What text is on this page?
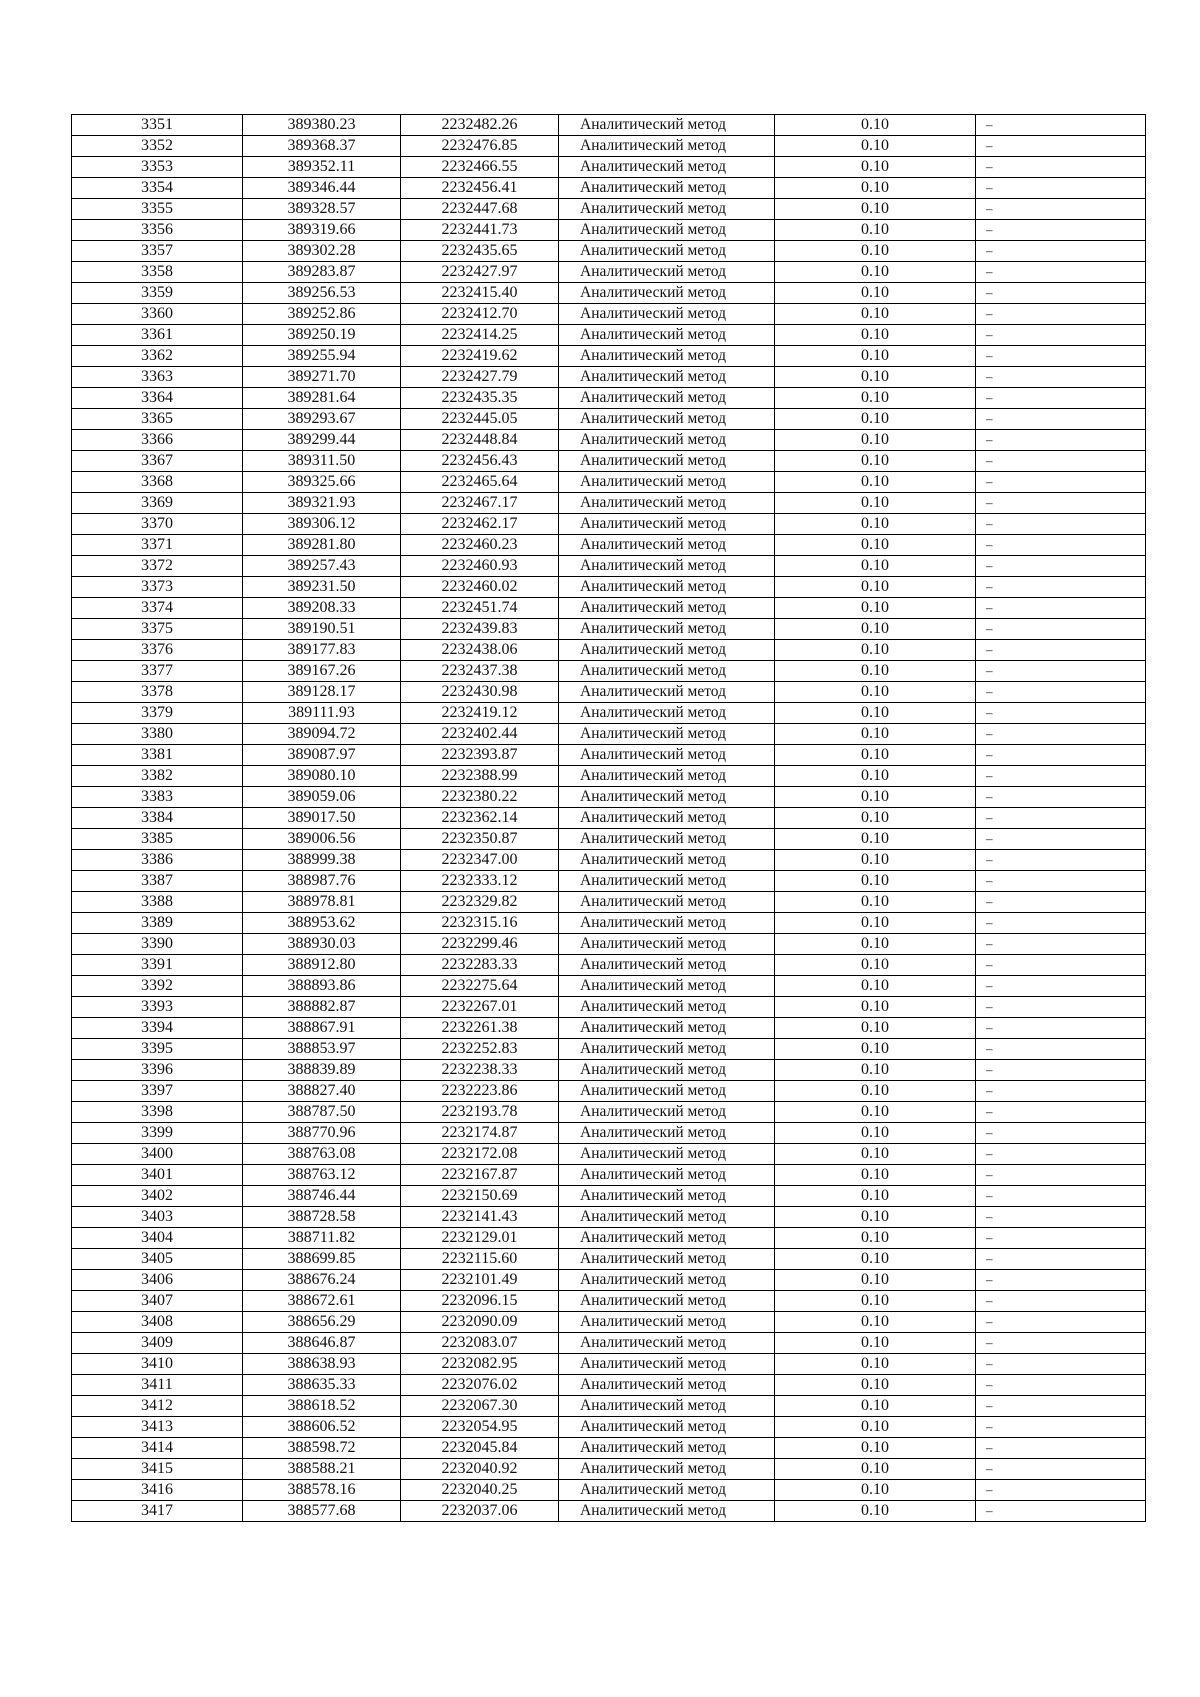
3351	389380.23	2232482.26	Аналитический метод	0.10	–
3352	389368.37	2232476.85	Аналитический метод	0.10	–
3353	389352.11	2232466.55	Аналитический метод	0.10	–
3354	389346.44	2232456.41	Аналитический метод	0.10	–
3355	389328.57	2232447.68	Аналитический метод	0.10	–
3356	389319.66	2232441.73	Аналитический метод	0.10	–
3357	389302.28	2232435.65	Аналитический метод	0.10	–
3358	389283.87	2232427.97	Аналитический метод	0.10	–
3359	389256.53	2232415.40	Аналитический метод	0.10	–
3360	389252.86	2232412.70	Аналитический метод	0.10	–
3361	389250.19	2232414.25	Аналитический метод	0.10	–
3362	389255.94	2232419.62	Аналитический метод	0.10	–
3363	389271.70	2232427.79	Аналитический метод	0.10	–
3364	389281.64	2232435.35	Аналитический метод	0.10	–
3365	389293.67	2232445.05	Аналитический метод	0.10	–
3366	389299.44	2232448.84	Аналитический метод	0.10	–
3367	389311.50	2232456.43	Аналитический метод	0.10	–
3368	389325.66	2232465.64	Аналитический метод	0.10	–
3369	389321.93	2232467.17	Аналитический метод	0.10	–
3370	389306.12	2232462.17	Аналитический метод	0.10	–
3371	389281.80	2232460.23	Аналитический метод	0.10	–
3372	389257.43	2232460.93	Аналитический метод	0.10	–
3373	389231.50	2232460.02	Аналитический метод	0.10	–
3374	389208.33	2232451.74	Аналитический метод	0.10	–
3375	389190.51	2232439.83	Аналитический метод	0.10	–
3376	389177.83	2232438.06	Аналитический метод	0.10	–
3377	389167.26	2232437.38	Аналитический метод	0.10	–
3378	389128.17	2232430.98	Аналитический метод	0.10	–
3379	389111.93	2232419.12	Аналитический метод	0.10	–
3380	389094.72	2232402.44	Аналитический метод	0.10	–
3381	389087.97	2232393.87	Аналитический метод	0.10	–
3382	389080.10	2232388.99	Аналитический метод	0.10	–
3383	389059.06	2232380.22	Аналитический метод	0.10	–
3384	389017.50	2232362.14	Аналитический метод	0.10	–
3385	389006.56	2232350.87	Аналитический метод	0.10	–
3386	388999.38	2232347.00	Аналитический метод	0.10	–
3387	388987.76	2232333.12	Аналитический метод	0.10	–
3388	388978.81	2232329.82	Аналитический метод	0.10	–
3389	388953.62	2232315.16	Аналитический метод	0.10	–
3390	388930.03	2232299.46	Аналитический метод	0.10	–
3391	388912.80	2232283.33	Аналитический метод	0.10	–
3392	388893.86	2232275.64	Аналитический метод	0.10	–
3393	388882.87	2232267.01	Аналитический метод	0.10	–
3394	388867.91	2232261.38	Аналитический метод	0.10	–
3395	388853.97	2232252.83	Аналитический метод	0.10	–
3396	388839.89	2232238.33	Аналитический метод	0.10	–
3397	388827.40	2232223.86	Аналитический метод	0.10	–
3398	388787.50	2232193.78	Аналитический метод	0.10	–
3399	388770.96	2232174.87	Аналитический метод	0.10	–
3400	388763.08	2232172.08	Аналитический метод	0.10	–
3401	388763.12	2232167.87	Аналитический метод	0.10	–
3402	388746.44	2232150.69	Аналитический метод	0.10	–
3403	388728.58	2232141.43	Аналитический метод	0.10	–
3404	388711.82	2232129.01	Аналитический метод	0.10	–
3405	388699.85	2232115.60	Аналитический метод	0.10	–
3406	388676.24	2232101.49	Аналитический метод	0.10	–
3407	388672.61	2232096.15	Аналитический метод	0.10	–
3408	388656.29	2232090.09	Аналитический метод	0.10	–
3409	388646.87	2232083.07	Аналитический метод	0.10	–
3410	388638.93	2232082.95	Аналитический метод	0.10	–
3411	388635.33	2232076.02	Аналитический метод	0.10	–
3412	388618.52	2232067.30	Аналитический метод	0.10	–
3413	388606.52	2232054.95	Аналитический метод	0.10	–
3414	388598.72	2232045.84	Аналитический метод	0.10	–
3415	388588.21	2232040.92	Аналитический метод	0.10	–
3416	388578.16	2232040.25	Аналитический метод	0.10	–
3417	388577.68	2232037.06	Аналитический метод	0.10	–
